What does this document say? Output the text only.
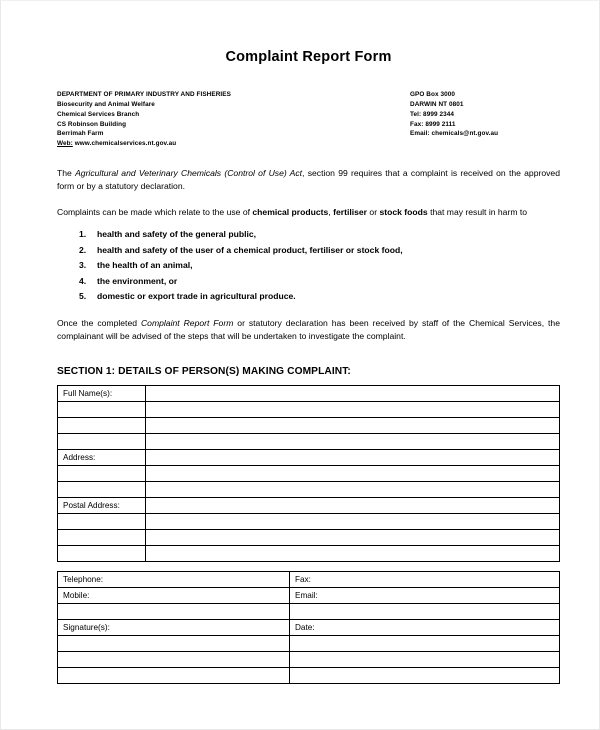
Complaint Report Form
DEPARTMENT OF PRIMARY INDUSTRY AND FISHERIES
Biosecurity and Animal Welfare
Chemical Services Branch
CS Robinson Building
Berrimah Farm
Web: www.chemicalservices.nt.gov.au
GPO Box 3000
DARWIN NT 0801
Tel: 8999 2344
Fax: 8999 2111
Email: chemicals@nt.gov.au

The Agricultural and Veterinary Chemicals (Control of Use) Act, section 99 requires that a complaint is received on the approved form or by a statutory declaration.

Complaints can be made which relate to the use of chemical products, fertiliser or stock foods that may result in harm to

1. health and safety of the general public,
2. health and safety of the user of a chemical product, fertiliser or stock food,
3. the health of an animal,
4. the environment, or
5. domestic or export trade in agricultural produce.

Once the completed Complaint Report Form or statutory declaration has been received by staff of the Chemical Services, the complainant will be advised of the steps that will be undertaken to investigate the complaint.

SECTION 1: DETAILS OF PERSON(S) MAKING COMPLAINT:
Full Name(s):	

Address:	

Postal Address:	

Telephone:	Fax:
Mobile:	Email:

Signature(s):	Date:
